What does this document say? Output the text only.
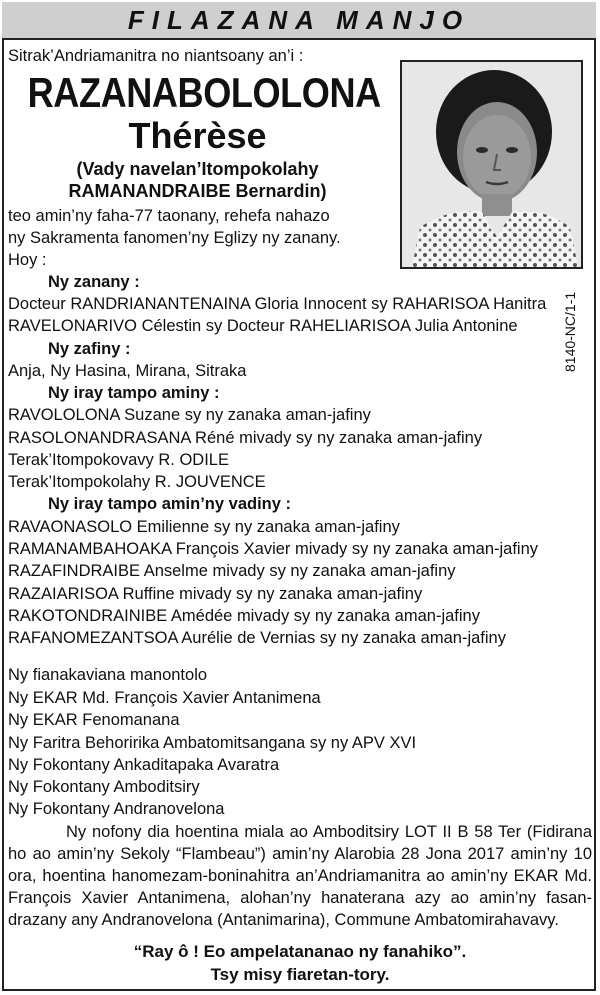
FILAZANA MANJO
Sitrak’Andriamanitra no niantsoany an’i :
RAZANABOLOLONA
Thérèse
(Vady navelan’Itompokolahy
RAMANANDRAIBE Bernardin)
teo amin’ny faha-77 taonany, rehefa nahazo
ny Sakramenta fanomen’ny Eglizy ny zanany.
Hoy :
Ny zanany :
Docteur RANDRIANANTENAINA Gloria Innocent sy RAHARISOA Hanitra
RAVELONARIVO Célestin sy Docteur RAHELIARISOA Julia Antonine
Ny zafiny :
Anja, Ny Hasina, Mirana, Sitraka
Ny iray tampo aminy :
RAVOLOLONA Suzane sy ny zanaka aman-jafiny
RASOLONANDRASANA Réné mivady sy ny zanaka aman-jafiny
Terak’Itompokovavy R. ODILE
Terak’Itompokolahy R. JOUVENCE
Ny iray tampo amin’ny vadiny :
RAVAONASOLO Emilienne sy ny zanaka aman-jafiny
RAMANAMBAHOAKA François Xavier mivady sy ny zanaka aman-jafiny
RAZAFINDRAIBE Anselme mivady sy ny zanaka aman-jafiny
RAZAIARISOA Ruffine mivady sy ny zanaka aman-jafiny
RAKOTONDRAINIBE Amédée mivady sy ny zanaka aman-jafiny
RAFANOMEZANTSOA Aurélie de Vernias sy ny zanaka aman-jafiny
Ny fianakaviana manontolo
Ny EKAR Md. François Xavier Antanimena
Ny EKAR Fenomanana
Ny Faritra Behoririka Ambatomitsangana sy ny APV XVI
Ny Fokontany Ankaditapaka Avaratra
Ny Fokontany Amboditsiry
Ny Fokontany Andranovelona
Ny nofony dia hoentina miala ao Amboditsiry LOT II B 58 Ter (Fidirana ho ao amin’ny Sekoly “Flambeau”) amin’ny Alarobia 28 Jona 2017 amin’ny 10 ora, hoentina hanomezam-boninahitra an’Andriamanitra ao amin’ny EKAR Md. François Xavier Antanimena, alohan’ny hanaterana azy ao amin’ny fasan-drazany any Andranovelona (Antanimarina), Commune Ambatomirahavavy.
“Ray ô ! Eo ampelatananao ny fanahiko”.
Tsy misy fiaretan-tory.
8140-NC/1-1
